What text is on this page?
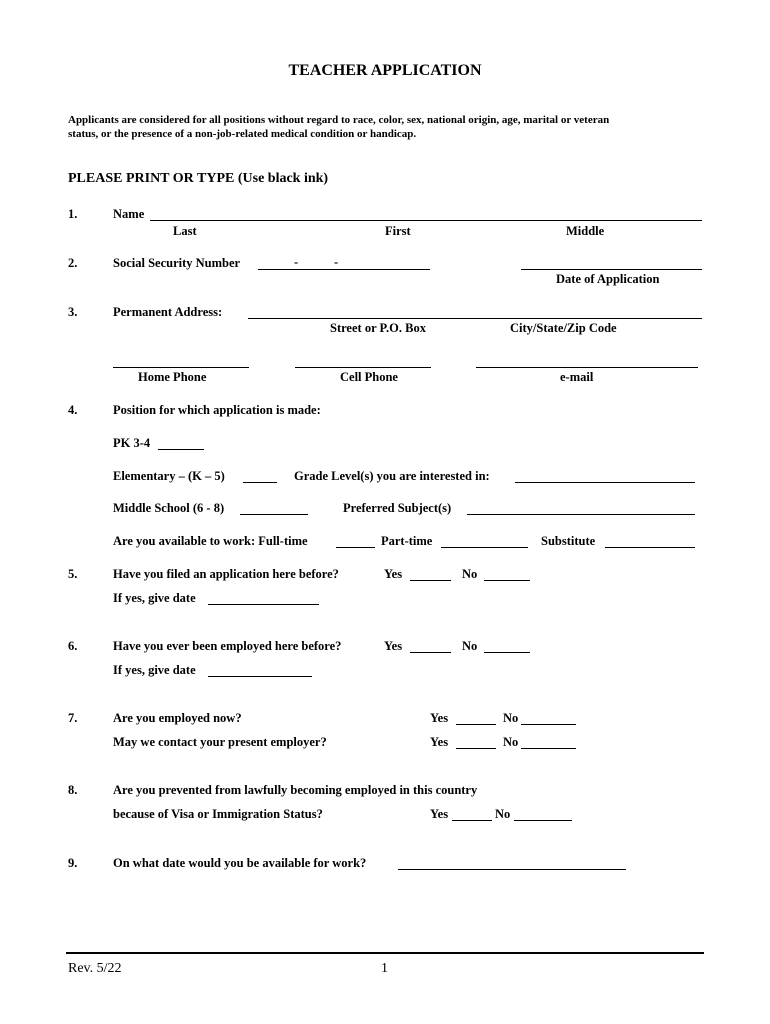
TEACHER APPLICATION
Applicants are considered for all positions without regard to race, color, sex, national origin, age, marital or veteran
status, or the presence of a non-job-related medical condition or handicap.
PLEASE PRINT OR TYPE (Use black ink)
1.	Name
Last	First	Middle
2.	Social Security Number	-	-
Date of Application
3.	Permanent Address:
Street or P.O. Box	City/State/Zip Code
Home Phone	Cell Phone	e-mail
4.	Position for which application is made:
PK 3-4
Elementary – (K – 5)	Grade Level(s) you are interested in:
Middle School (6 - 8)	Preferred Subject(s)
Are you available to work: Full-time	Part-time	Substitute
5.	Have you filed an application here before?	Yes	No
If yes, give date
6.	Have you ever been employed here before?	Yes	No
If yes, give date
7.	Are you employed now?	Yes	No
May we contact your present employer?	Yes	No
8.	Are you prevented from lawfully becoming employed in this country
because of Visa or Immigration Status?	Yes	No
9.	On what date would you be available for work?
Rev. 5/22	1
